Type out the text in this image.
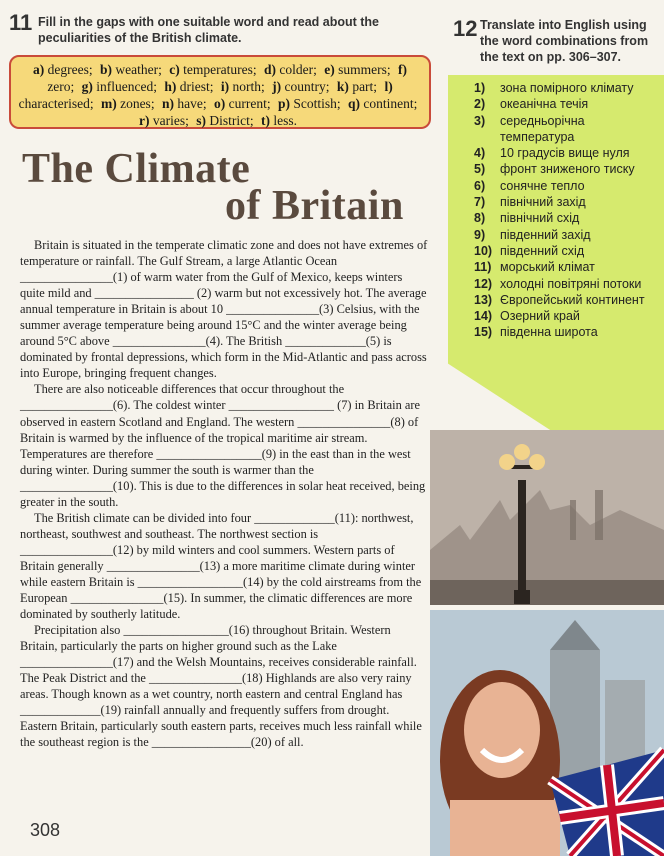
11 Fill in the gaps with one suitable word and read about the peculiarities of the British climate.
a) degrees; b) weather; c) temperatures; d) colder; e) summers; f) zero; g) influenced; h) driest; i) north; j) country; k) part; l) characterised; m) zones; n) have; o) current; p) Scottish; q) continent; r) varies; s) District; t) less.
The Climate
of Britain

Britain is situated in the temperate climatic zone and does not have extremes of temperature or rainfall. The Gulf Stream, a large Atlantic Ocean _______________(1) of warm water from the Gulf of Mexico, keeps winters quite mild and ________________ (2) warm but not excessively hot. The average annual temperature in Britain is about 10 _______________(3) Celsius, with the summer average temperature being around 15°C and the winter average being around 5°C above _______________(4). The British _____________(5) is dominated by frontal depressions, which form in the Mid-Atlantic and pass across into Europe, bringing frequent changes.

There are also noticeable differences that occur throughout the _______________(6). The coldest winter _________________ (7) in Britain are observed in eastern Scotland and England. The western _______________(8) of Britain is warmed by the influence of the tropical maritime air stream. Temperatures are therefore _________________(9) in the east than in the west during winter. During summer the south is warmer than the _______________(10). This is due to the differences in solar heat received, being greater in the south.

The British climate can be divided into four _____________(11): northwest, northeast, southwest and southeast. The northwest section is _______________(12) by mild winters and cool summers. Western parts of Britain generally _______________(13) a more maritime climate during winter while eastern Britain is _________________(14) by the cold airstreams from the European _______________(15). In summer, the climatic differences are more dominated by southerly latitude.

Precipitation also _________________(16) throughout Britain. Western Britain, particularly the parts on higher ground such as the Lake _______________(17) and the Welsh Mountains, receives considerable rainfall. The Peak District and the _______________(18) Highlands are also very rainy areas. Though known as a wet country, north eastern and central England has _____________(19) rainfall annually and frequently suffers from drought. Eastern Britain, particularly south eastern parts, receives much less rainfall while the southeast region is the ________________(20) of all.

12 Translate into English using the word combinations from the text on pp. 306–307.
1)	зона помірного клімату
2)	океанічна течія
3)	середньорічна температура
4)	10 градусів вище нуля
5)	фронт зниженого тиску
6)	сонячне тепло
7)	північний захід
8)	північний схід
9)	південний захід
10) південний схід
11) морський клімат
12) холодні повітряні потоки
13) Європейський континент
14) Озерний край
15) південна широта
308
